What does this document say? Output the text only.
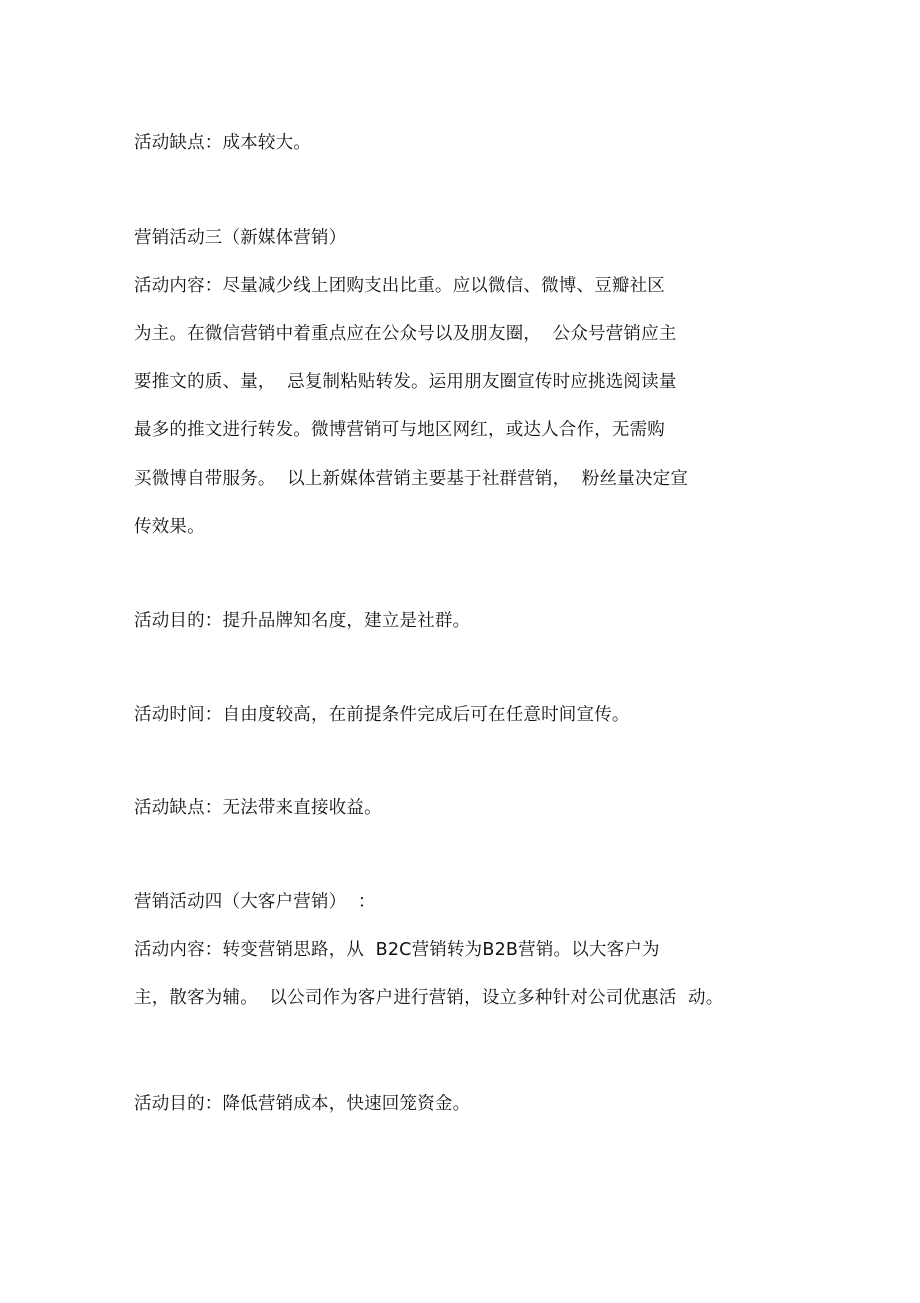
活动缺点：成本较大。
营销活动三（新媒体营销）
活动内容：尽量减少线上团购支出比重。应以微信、微博、豆瓣社区
为主。在微信营销中着重点应在公众号以及朋友圈，  公众号营销应主
要推文的质、量，  忌复制粘贴转发。运用朋友圈宣传时应挑选阅读量
最多的推文进行转发。微博营销可与地区网红，或达人合作，无需购
买微博自带服务。  以上新媒体营销主要基于社群营销，  粉丝量决定宣
传效果。
活动目的：提升品牌知名度，建立是社群。
活动时间：自由度较高，在前提条件完成后可在任意时间宣传。
活动缺点：无法带来直接收益。
营销活动四（大客户营销）  ：
活动内容：转变营销思路，从  B2C营销转为B2B营销。以大客户为
主，散客为辅。  以公司作为客户进行营销，设立多种针对公司优惠活  动。
活动目的：降低营销成本，快速回笼资金。
